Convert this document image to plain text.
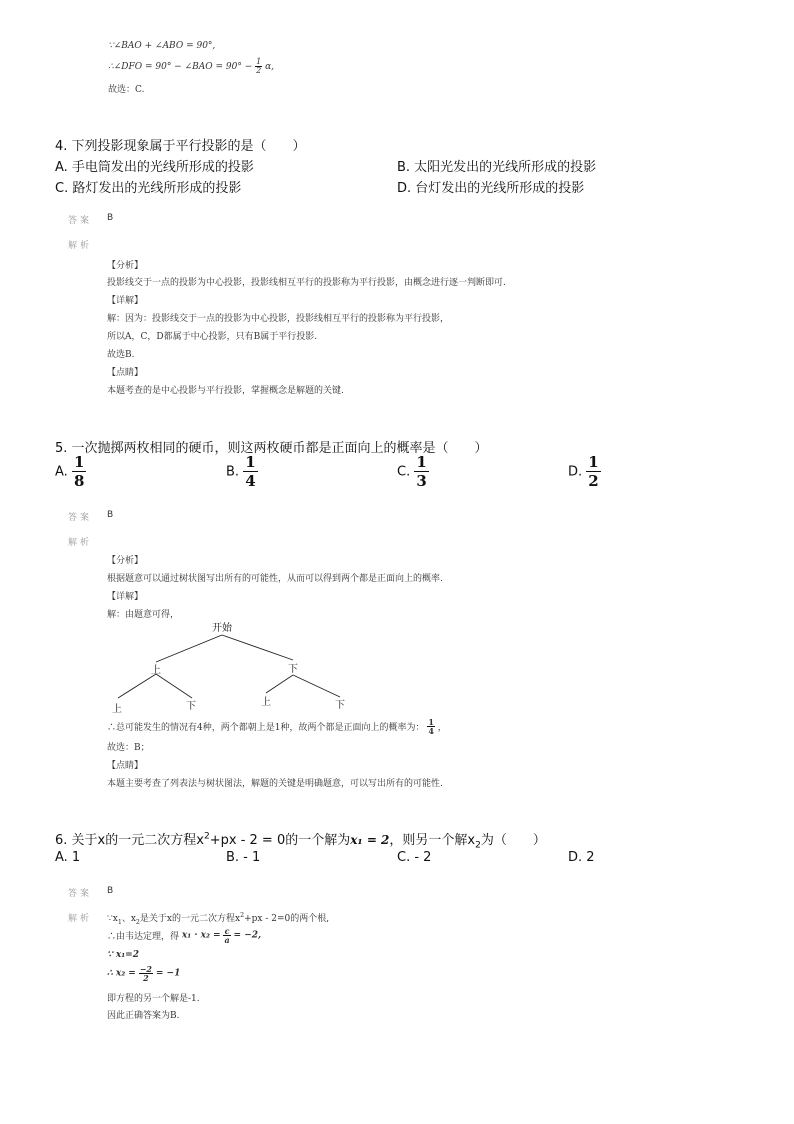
∵∠BAO + ∠ABO = 90°,
∴∠DFO = 90° − ∠BAO = $90^\circ - \frac{1}{2} \alpha$,
故选：C.
4. 下列投影现象属于平行投影的是（　　）
A. 手电筒发出的光线所形成的投影	B. 太阳光发出的光线所形成的投影
C. 路灯发出的光线所形成的投影	D. 台灯发出的光线所形成的投影
答案 B
解析
【分析】
投影线交于一点的投影为中心投影，投影线相互平行的投影称为平行投影，由概念进行逐一判断即可.
【详解】
解：因为：投影线交于一点的投影为中心投影，投影线相互平行的投影称为平行投影，
所以A，C，D都属于中心投影，只有B属于平行投影.
故选B.
【点睛】
本题考查的是中心投影与平行投影，掌握概念是解题的关键.
5. 一次抛掷两枚相同的硬币，则这两枚硬币都是正面向上的概率是（　　）
A. $\frac{1}{8}$	B. $\frac{1}{4}$	C. $\frac{1}{3}$	D. $\frac{1}{2}$
答案 B
解析
【分析】
根据题意可以通过树状图写出所有的可能性，从而可以得到两个都是正面向上的概率.
【详解】
解：由题意可得，
开始
上	下
上	下	上	下
∴总可能发生的情况有4种，两个都朝上是1种，故两个都是正面向上的概率为： $\frac{1}{4}$ ，
故选：B；
【点睛】
本题主要考查了列表法与树状图法，解题的关键是明确题意，可以写出所有的可能性.
6. 关于x的一元二次方程$x^2+px - 2 = 0$的一个解为x₁ = 2，则另一个解$x_2$为（　　）
A. 1	B. - 1	C. - 2	D. 2
答案 B
解析 $\because x_1$、$x_2$是关于x的一元二次方程$x^2+px - 2=0$的两个根,
∴由韦达定理，得 $x_1 \cdot x_2 = \frac{c}{a} = -2$,
∵ x₁=2
∴ $x_2 = \frac{-2}{2} = -1$
即方程的另一个解是-1.
因此正确答案为B.
